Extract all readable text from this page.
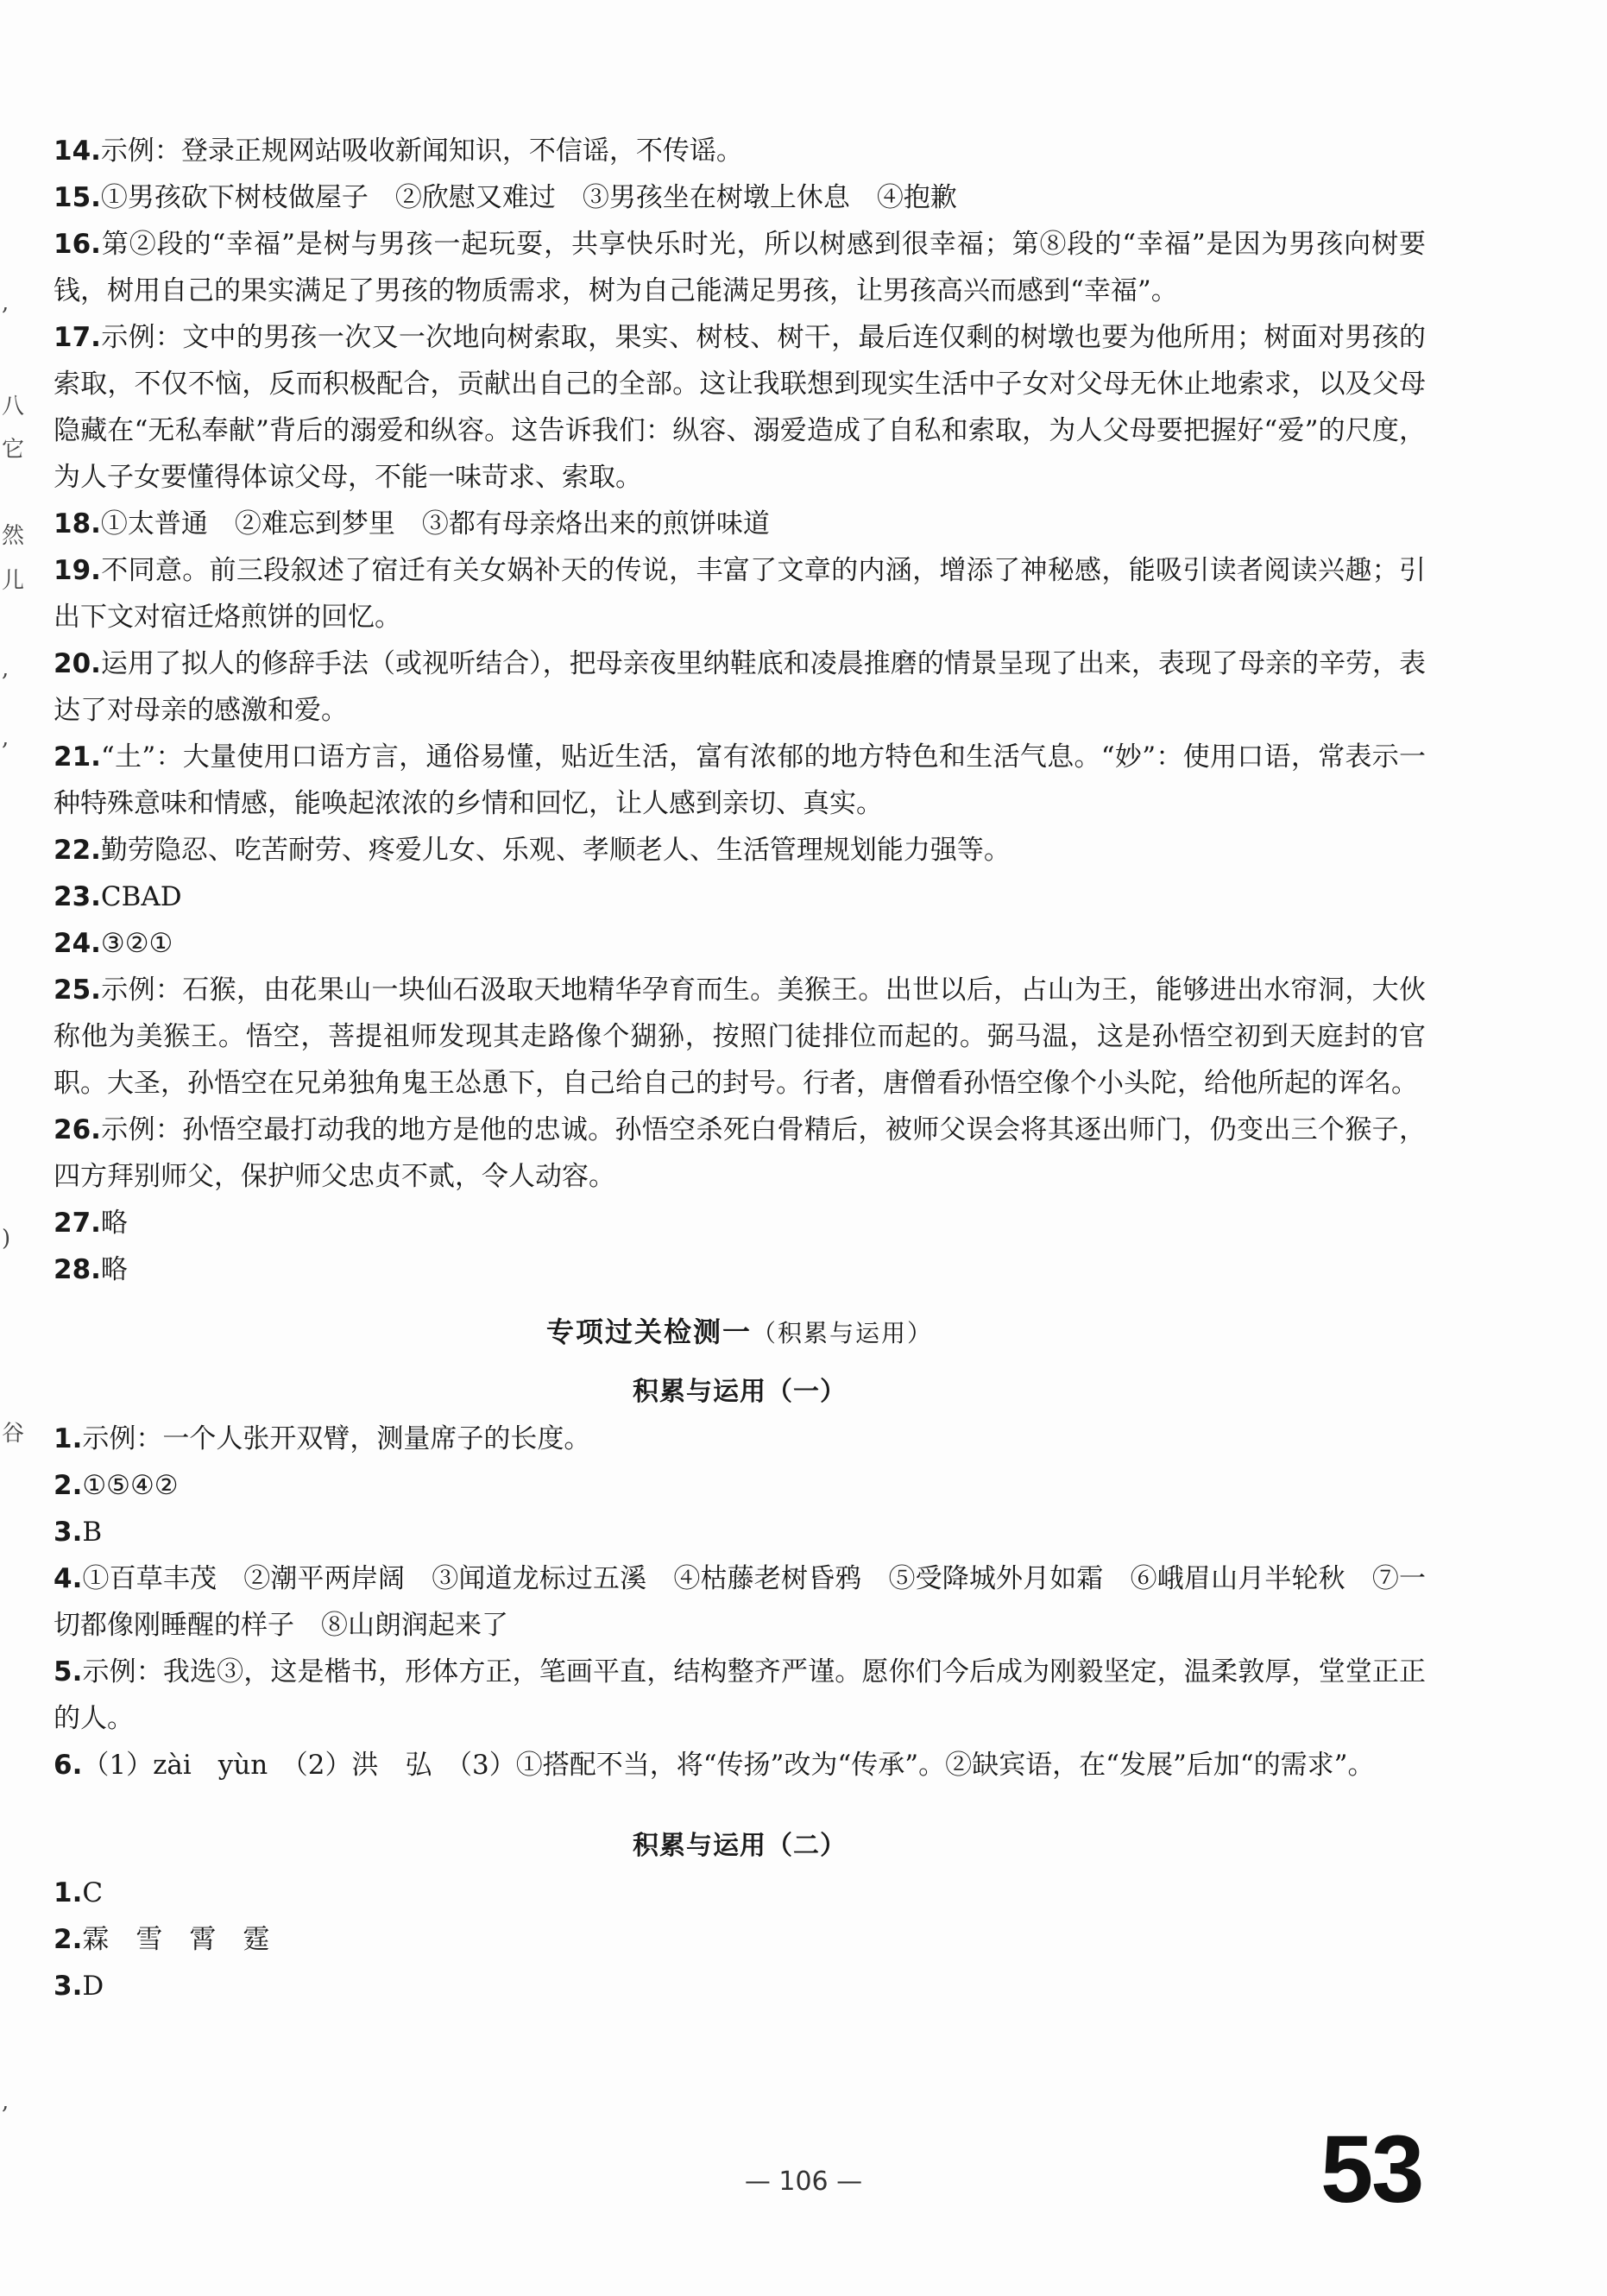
,
八
它
然
儿
,
,
)
谷
,
14.示例：登录正规网站吸收新闻知识，不信谣，不传谣。
15.①男孩砍下树枝做屋子　②欣慰又难过　③男孩坐在树墩上休息　④抱歉
16.第②段的“幸福”是树与男孩一起玩耍，共享快乐时光，所以树感到很幸福；第⑧段的“幸福”是因为男孩向树要钱，树用自己的果实满足了男孩的物质需求，树为自己能满足男孩，让男孩高兴而感到“幸福”。
17.示例：文中的男孩一次又一次地向树索取，果实、树枝、树干，最后连仅剩的树墩也要为他所用；树面对男孩的索取，不仅不恼，反而积极配合，贡献出自己的全部。这让我联想到现实生活中子女对父母无休止地索求，以及父母隐藏在“无私奉献”背后的溺爱和纵容。这告诉我们：纵容、溺爱造成了自私和索取，为人父母要把握好“爱”的尺度，为人子女要懂得体谅父母，不能一味苛求、索取。
18.①太普通　②难忘到梦里　③都有母亲烙出来的煎饼味道
19.不同意。前三段叙述了宿迁有关女娲补天的传说，丰富了文章的内涵，增添了神秘感，能吸引读者阅读兴趣；引出下文对宿迁烙煎饼的回忆。
20.运用了拟人的修辞手法（或视听结合），把母亲夜里纳鞋底和凌晨推磨的情景呈现了出来，表现了母亲的辛劳，表达了对母亲的感激和爱。
21.“土”：大量使用口语方言，通俗易懂，贴近生活，富有浓郁的地方特色和生活气息。“妙”：使用口语，常表示一种特殊意味和情感，能唤起浓浓的乡情和回忆，让人感到亲切、真实。
22.勤劳隐忍、吃苦耐劳、疼爱儿女、乐观、孝顺老人、生活管理规划能力强等。
23.CBAD
24.③②①
25.示例：石猴，由花果山一块仙石汲取天地精华孕育而生。美猴王。出世以后，占山为王，能够进出水帘洞，大伙称他为美猴王。悟空，菩提祖师发现其走路像个猢狲，按照门徒排位而起的。弼马温，这是孙悟空初到天庭封的官职。大圣，孙悟空在兄弟独角鬼王怂恿下，自己给自己的封号。行者，唐僧看孙悟空像个小头陀，给他所起的诨名。
26.示例：孙悟空最打动我的地方是他的忠诚。孙悟空杀死白骨精后，被师父误会将其逐出师门，仍变出三个猴子，四方拜别师父，保护师父忠贞不贰，令人动容。
27.略
28.略
专项过关检测一（积累与运用）
积累与运用（一）
1.示例：一个人张开双臂，测量席子的长度。
2.①⑤④②
3.B
4.①百草丰茂　②潮平两岸阔　③闻道龙标过五溪　④枯藤老树昏鸦　⑤受降城外月如霜　⑥峨眉山月半轮秋　⑦一切都像刚睡醒的样子　⑧山朗润起来了
5.示例：我选③，这是楷书，形体方正，笔画平直，结构整齐严谨。愿你们今后成为刚毅坚定，温柔敦厚，堂堂正正的人。
6.（1）zài　yùn　（2）洪　弘　（3）①搭配不当，将“传扬”改为“传承”。②缺宾语，在“发展”后加“的需求”。
积累与运用（二）
1.C
2.霖　雪　霄　霆
3.D
— 106 —	53
